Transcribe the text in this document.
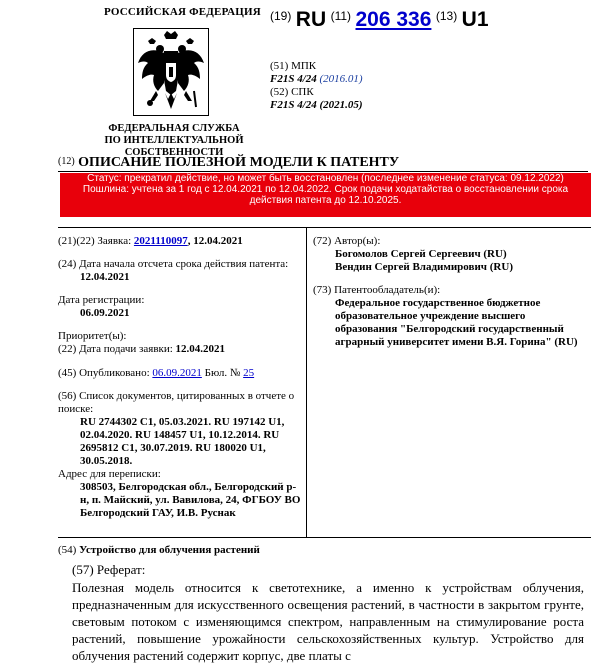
РОССИЙСКАЯ ФЕДЕРАЦИЯ
ФЕДЕРАЛЬНАЯ СЛУЖБА
ПО ИНТЕЛЛЕКТУАЛЬНОЙ СОБСТВЕННОСТИ
$^{(19)}$ RU $^{(11)}$ 206 336 $^{(13)}$ U1
(51) МПК
F21S 4/24 (2016.01)
(52) СПК
F21S 4/24 (2021.05)
(12) ОПИСАНИЕ ПОЛЕЗНОЙ МОДЕЛИ К ПАТЕНТУ
Статус: прекратил действие, но может быть восстановлен (последнее изменение статуса: 09.12.2022)
Пошлина: учтена за 1 год с 12.04.2021 по 12.04.2022. Срок подачи ходатайства о восстановлении срока действия патента до 12.10.2025.
(21)(22) Заявка: 2021110097, 12.04.2021
(24) Дата начала отсчета срока действия патента:
12.04.2021
Дата регистрации:
06.09.2021
Приоритет(ы):
(22) Дата подачи заявки: 12.04.2021
(45) Опубликовано: 06.09.2021 Бюл. № 25
(56) Список документов, цитированных в отчете о поиске:
RU 2744302 C1, 05.03.2021. RU 197142 U1, 02.04.2020. RU 148457 U1, 10.12.2014. RU 2695812 C1, 30.07.2019. RU 180020 U1, 30.05.2018.
Адрес для переписки:
308503, Белгородская обл., Белгородский р-н, п. Майский, ул. Вавилова, 24, ФГБОУ ВО Белгородский ГАУ, И.В. Руснак
(72) Автор(ы):
Богомолов Сергей Сергеевич (RU)
Вендин Сергей Владимирович (RU)
(73) Патентообладатель(и):
Федеральное государственное бюджетное образовательное учреждение высшего образования "Белгородский государственный аграрный университет имени В.Я. Горина" (RU)
(54) Устройство для облучения растений
(57) Реферат:

Полезная модель относится к светотехнике, а именно к устройствам облучения, предназначенным для искусственного освещения растений, в частности в закрытом грунте, световым потоком с изменяющимся спектром, направленным на стимулирование роста растений, повышение урожайности сельскохозяйственных культур. Устройство для облучения растений содержит корпус, две платы с
